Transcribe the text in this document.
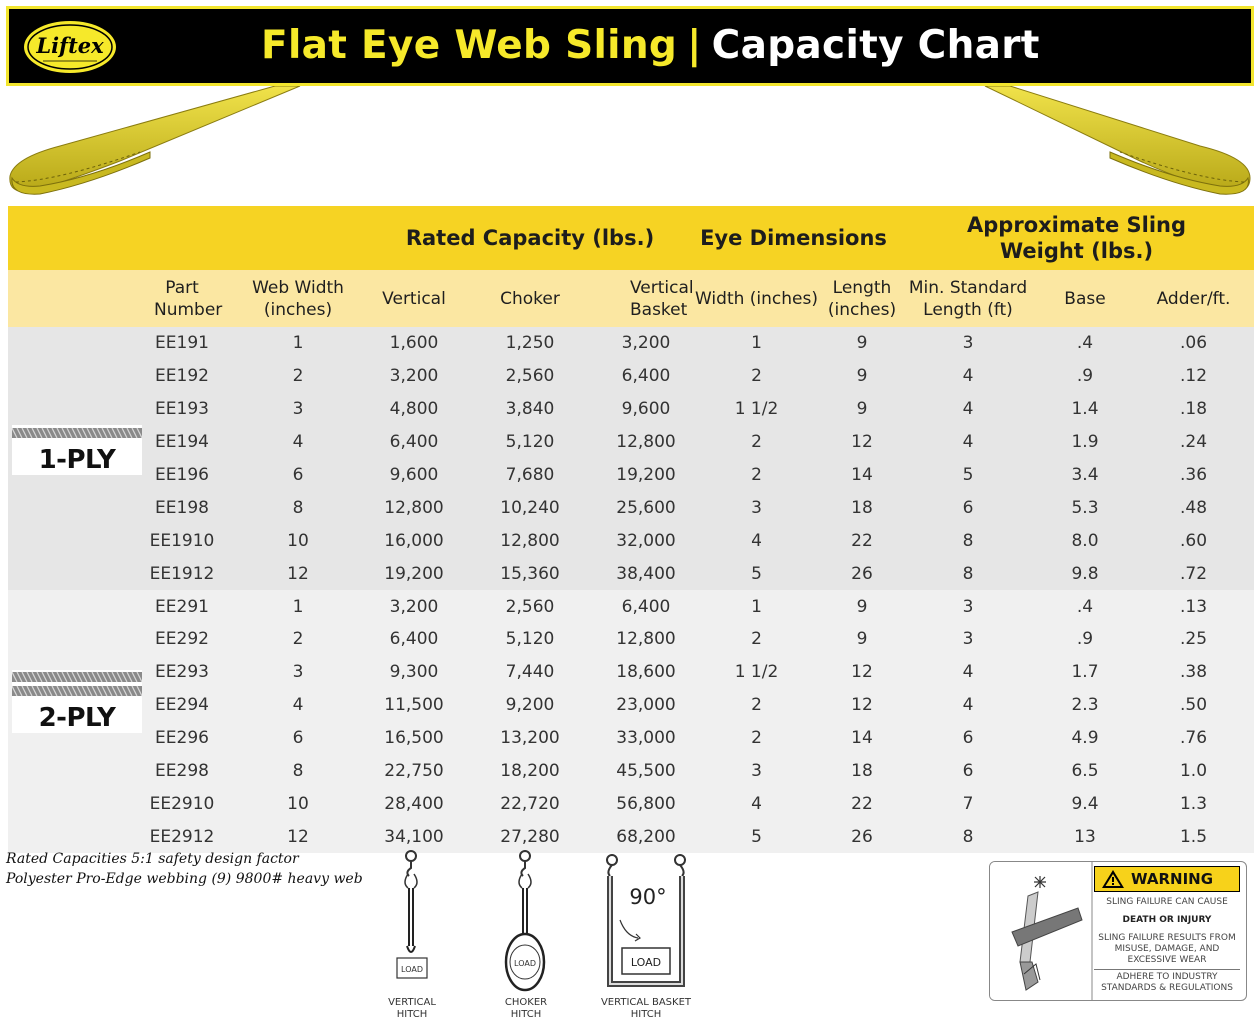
Liftex	Flat Eye Web Sling | Capacity Chart
			Rated Capacity (lbs.)			Eye Dimensions		Approximate Sling Weight (lbs.)		
	Part Number	Web Width (inches)	Vertical	Choker	Vertical Basket	Width (inches)	Length (inches)	Min. Standard Length (ft)	Base	Adder/ft.

1-PLY	EE191	1	1,600	1,250	3,200	1	9	3	.4	.06
	EE192	2	3,200	2,560	6,400	2	9	4	.9	.12
	EE193	3	4,800	3,840	9,600	1 1/2	9	4	1.4	.18
	EE194	4	6,400	5,120	12,800	2	12	4	1.9	.24
	EE196	6	9,600	7,680	19,200	2	14	5	3.4	.36
	EE198	8	12,800	10,240	25,600	3	18	6	5.3	.48
	EE1910	10	16,000	12,800	32,000	4	22	8	8.0	.60
	EE1912	12	19,200	15,360	38,400	5	26	8	9.8	.72

2-PLY	EE291	1	3,200	2,560	6,400	1	9	3	.4	.13
	EE292	2	6,400	5,120	12,800	2	9	3	.9	.25
	EE293	3	9,300	7,440	18,600	1 1/2	12	4	1.7	.38
	EE294	4	11,500	9,200	23,000	2	12	4	2.3	.50
	EE296	6	16,500	13,200	33,000	2	14	6	4.9	.76
	EE298	8	22,750	18,200	45,500	3	18	6	6.5	1.0
	EE2910	10	28,400	22,720	56,800	4	22	7	9.4	1.3
	EE2912	12	34,100	27,280	68,200	5	26	8	13	1.5
Rated Capacities 5:1 safety design factor
Polyester Pro-Edge webbing (9) 9800# heavy web
LOAD
LOAD
90°
LOAD
VERTICAL
HITCH
CHOKER
HITCH
VERTICAL BASKET
HITCH
WARNING
SLING FAILURE CAN CAUSE
DEATH OR INJURY
SLING FAILURE RESULTS FROM
MISUSE, DAMAGE, AND
EXCESSIVE WEAR
ADHERE TO INDUSTRY
STANDARDS & REGULATIONS
